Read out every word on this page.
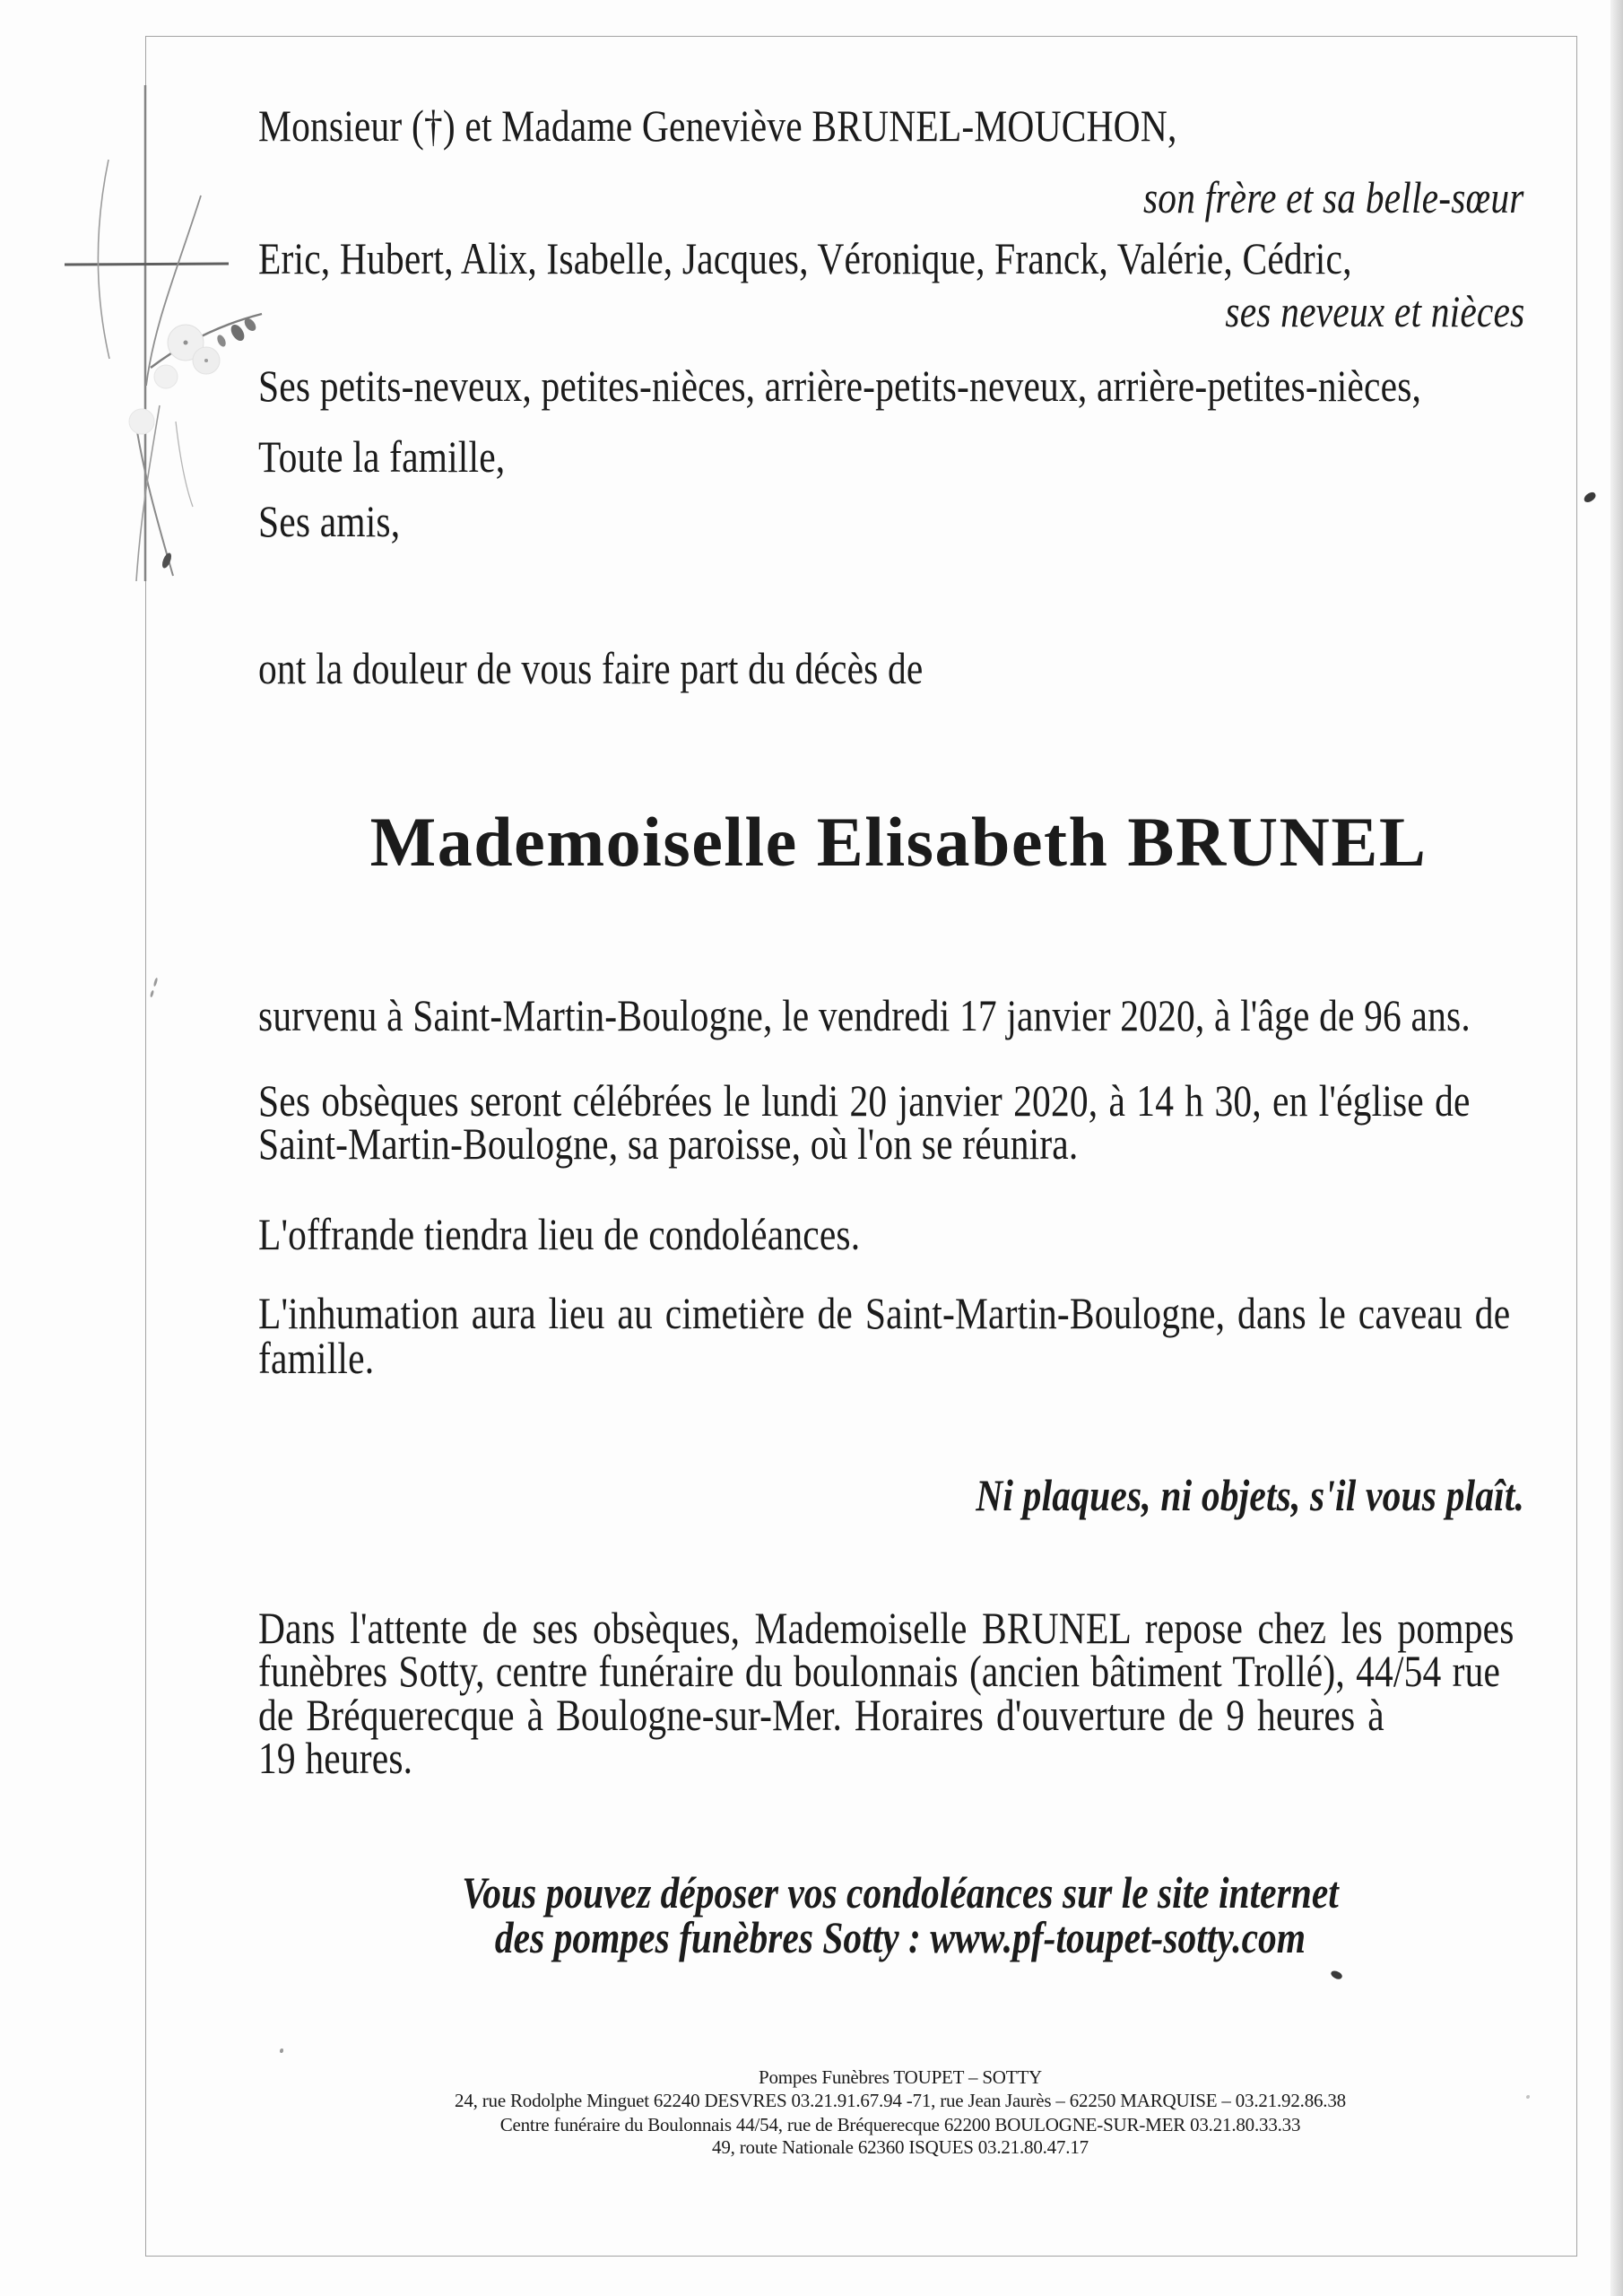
Monsieur (†) et Madame Geneviève BRUNEL-MOUCHON,
son frère et sa belle-sœur
Eric, Hubert, Alix, Isabelle, Jacques, Véronique, Franck, Valérie, Cédric,
ses neveux et nièces
Ses petits-neveux, petites-nièces, arrière-petits-neveux, arrière-petites-nièces,
Toute la famille,
Ses amis,
ont la douleur de vous faire part du décès de
Mademoiselle Elisabeth BRUNEL
survenu à Saint-Martin-Boulogne, le vendredi 17 janvier 2020, à l'âge de 96 ans.
Ses obsèques seront célébrées le lundi 20 janvier 2020, à 14 h 30, en l'église de
Saint-Martin-Boulogne, sa paroisse, où l'on se réunira.
L'offrande tiendra lieu de condoléances.
L'inhumation aura lieu au cimetière de Saint-Martin-Boulogne, dans le caveau de
famille.
Ni plaques, ni objets, s'il vous plaît.
Dans l'attente de ses obsèques, Mademoiselle BRUNEL repose chez les pompes
funèbres Sotty, centre funéraire du boulonnais (ancien bâtiment Trollé), 44/54 rue
de Bréquerecque à Boulogne-sur-Mer. Horaires d'ouverture de 9 heures à
19 heures.
Vous pouvez déposer vos condoléances sur le site internet
des pompes funèbres Sotty : www.pf-toupet-sotty.com
Pompes Funèbres TOUPET – SOTTY
24, rue Rodolphe Minguet 62240 DESVRES 03.21.91.67.94 -71, rue Jean Jaurès – 62250 MARQUISE – 03.21.92.86.38
Centre funéraire du Boulonnais 44/54, rue de Bréquerecque 62200 BOULOGNE-SUR-MER 03.21.80.33.33
49, route Nationale 62360 ISQUES 03.21.80.47.17
